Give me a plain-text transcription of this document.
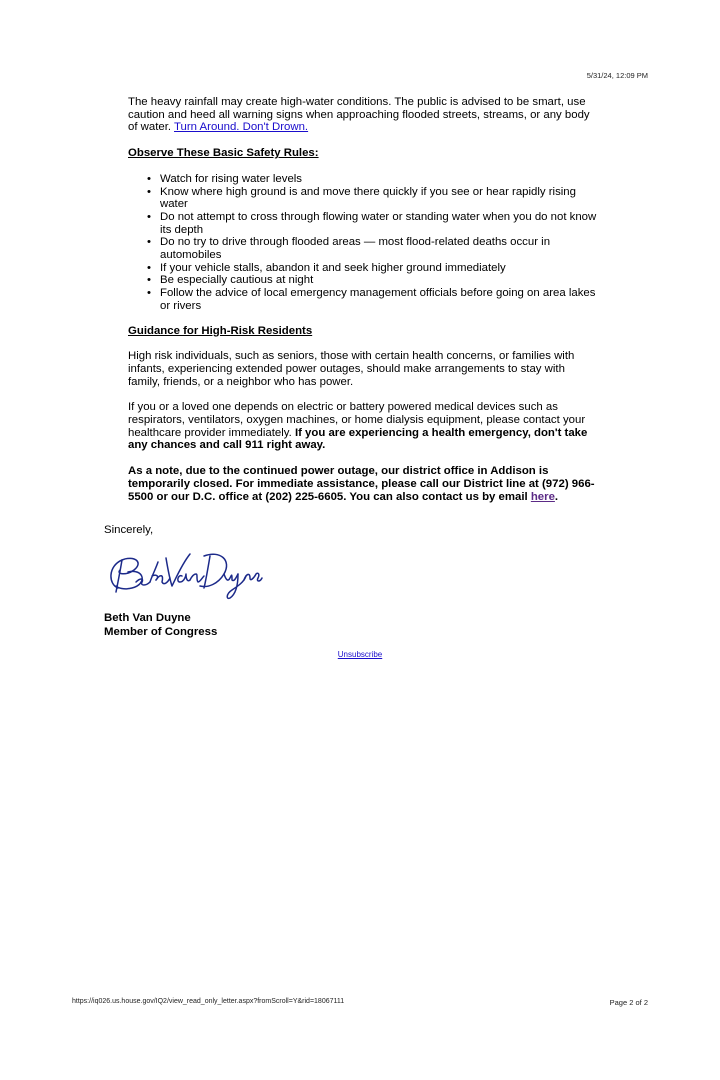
5/31/24, 12:09 PM

The heavy rainfall may create high-water conditions. The public is advised to be smart, use caution and heed all warning signs when approaching flooded streets, streams, or any body of water. Turn Around. Don't Drown.

Observe These Basic Safety Rules:

• Watch for rising water levels
• Know where high ground is and move there quickly if you see or hear rapidly rising water
• Do not attempt to cross through flowing water or standing water when you do not know its depth
• Do no try to drive through flooded areas — most flood-related deaths occur in automobiles
• If your vehicle stalls, abandon it and seek higher ground immediately
• Be especially cautious at night
• Follow the advice of local emergency management officials before going on area lakes or rivers

Guidance for High-Risk Residents

High risk individuals, such as seniors, those with certain health concerns, or families with infants, experiencing extended power outages, should make arrangements to stay with family, friends, or a neighbor who has power.

If you or a loved one depends on electric or battery powered medical devices such as respirators, ventilators, oxygen machines, or home dialysis equipment, please contact your healthcare provider immediately. If you are experiencing a health emergency, don't take any chances and call 911 right away.

As a note, due to the continued power outage, our district office in Addison is temporarily closed. For immediate assistance, please call our District line at (972) 966-5500 or our D.C. office at (202) 225-6605. You can also contact us by email here.

Sincerely,
Beth Van Duyne
Member of Congress
Unsubscribe
https://iq026.us.house.gov/IQ2/view_read_only_letter.aspx?fromScroll=Y&rid=18067111	Page 2 of 2
